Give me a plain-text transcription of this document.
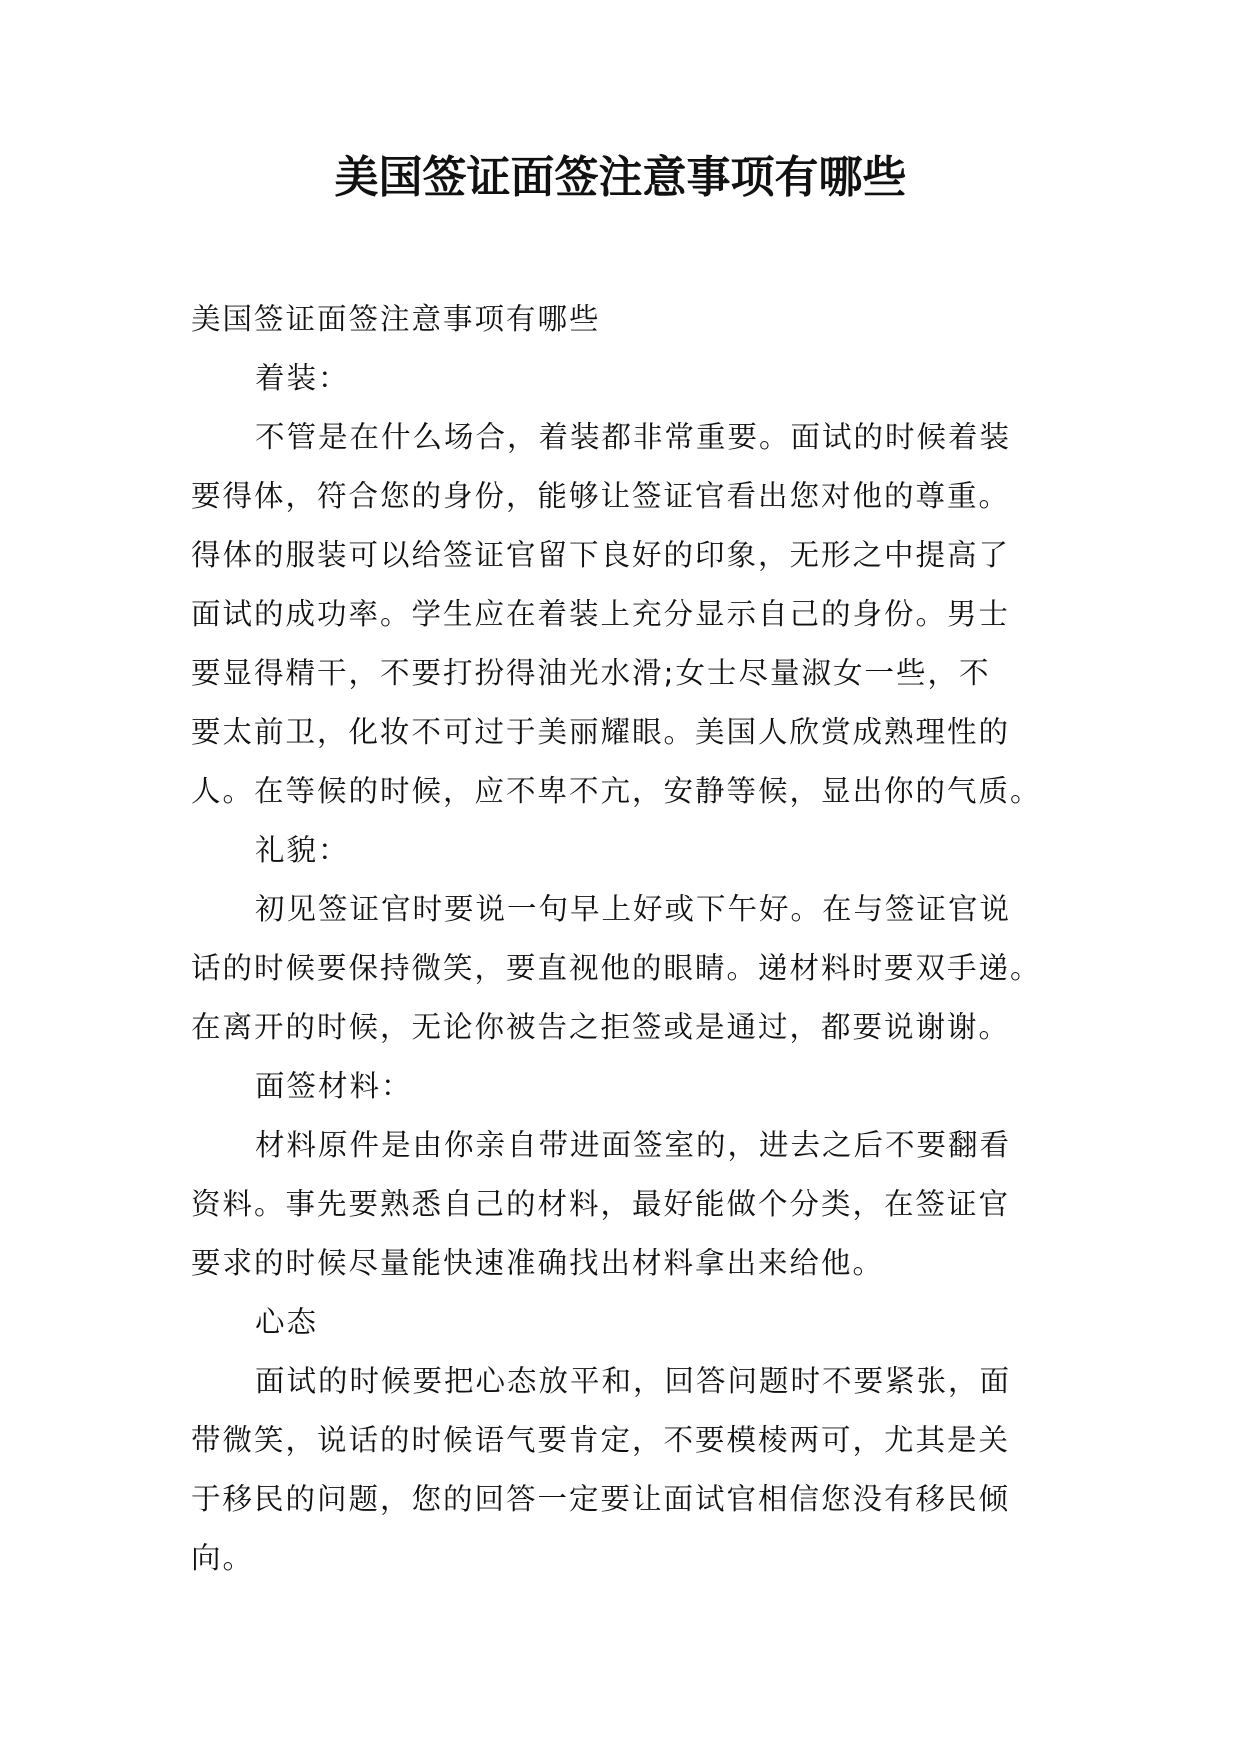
美国签证面签注意事项有哪些
美国签证面签注意事项有哪些
着装：
不管是在什么场合，着装都非常重要。面试的时候着装
要得体，符合您的身份，能够让签证官看出您对他的尊重。
得体的服装可以给签证官留下良好的印象，无形之中提高了
面试的成功率。学生应在着装上充分显示自己的身份。男士
要显得精干，不要打扮得油光水滑;女士尽量淑女一些，不
要太前卫，化妆不可过于美丽耀眼。美国人欣赏成熟理性的
人。在等候的时候，应不卑不亢，安静等候，显出你的气质。
礼貌：
初见签证官时要说一句早上好或下午好。在与签证官说
话的时候要保持微笑，要直视他的眼睛。递材料时要双手递。
在离开的时候，无论你被告之拒签或是通过，都要说谢谢。
面签材料：
材料原件是由你亲自带进面签室的，进去之后不要翻看
资料。事先要熟悉自己的材料，最好能做个分类，在签证官
要求的时候尽量能快速准确找出材料拿出来给他。
心态
面试的时候要把心态放平和，回答问题时不要紧张，面
带微笑，说话的时候语气要肯定，不要模棱两可，尤其是关
于移民的问题，您的回答一定要让面试官相信您没有移民倾
向。
